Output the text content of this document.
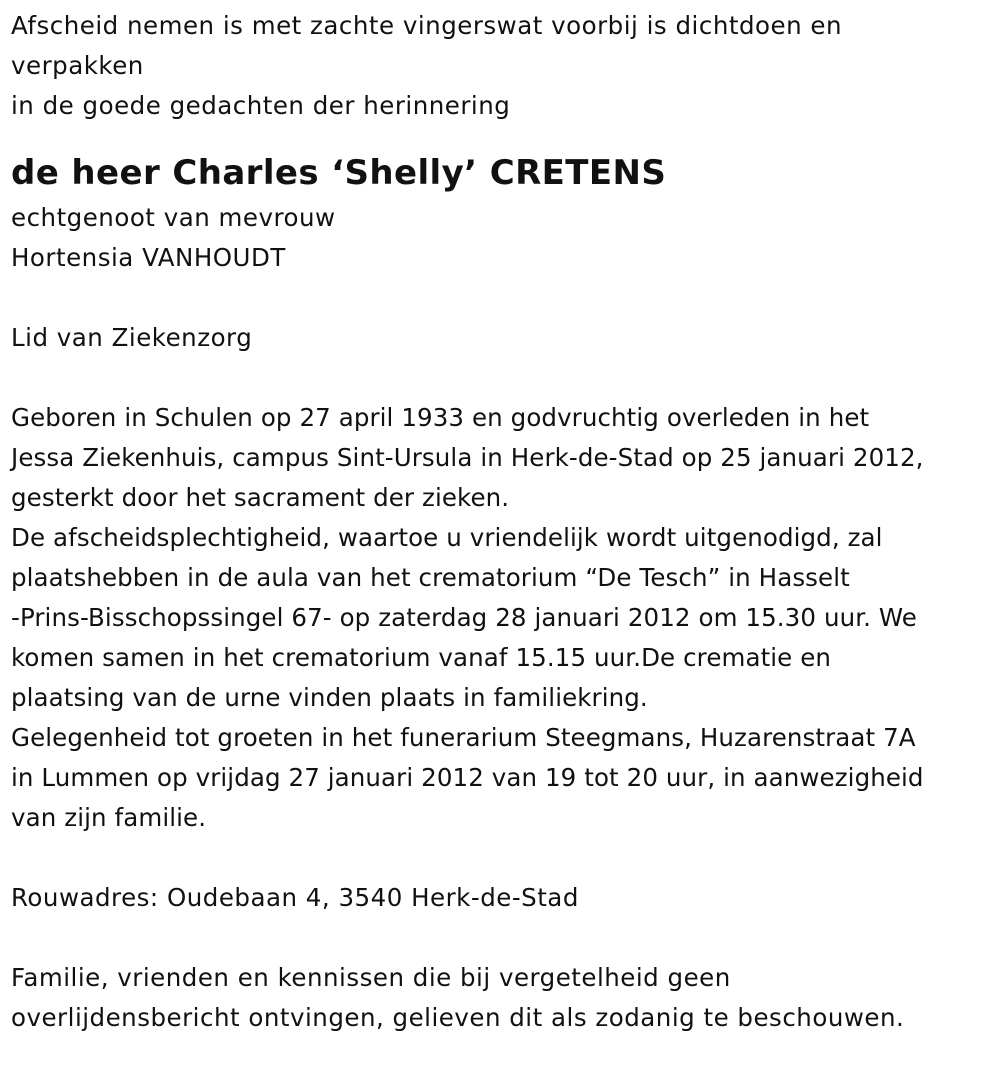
Afscheid nemen is met zachte vingerswat voorbij is dichtdoen en
verpakken
in de goede gedachten der herinnering
de heer Charles ‘Shelly’ CRETENS
echtgenoot van mevrouw
Hortensia VANHOUDT
Lid van Ziekenzorg
Geboren in Schulen op 27 april 1933 en godvruchtig overleden in het
Jessa Ziekenhuis, campus Sint-Ursula in Herk-de-Stad op 25 januari 2012,
gesterkt door het sacrament der zieken.
De afscheidsplechtigheid, waartoe u vriendelijk wordt uitgenodigd, zal
plaatshebben in de aula van het crematorium “De Tesch” in Hasselt
-Prins-Bisschopssingel 67- op zaterdag 28 januari 2012 om 15.30 uur. We
komen samen in het crematorium vanaf 15.15 uur.De crematie en
plaatsing van de urne vinden plaats in familiekring.
Gelegenheid tot groeten in het funerarium Steegmans, Huzarenstraat 7A
in Lummen op vrijdag 27 januari 2012 van 19 tot 20 uur, in aanwezigheid
van zijn familie.
Rouwadres: Oudebaan 4, 3540 Herk-de-Stad
Familie, vrienden en kennissen die bij vergetelheid geen
overlijdensbericht ontvingen, gelieven dit als zodanig te beschouwen.
